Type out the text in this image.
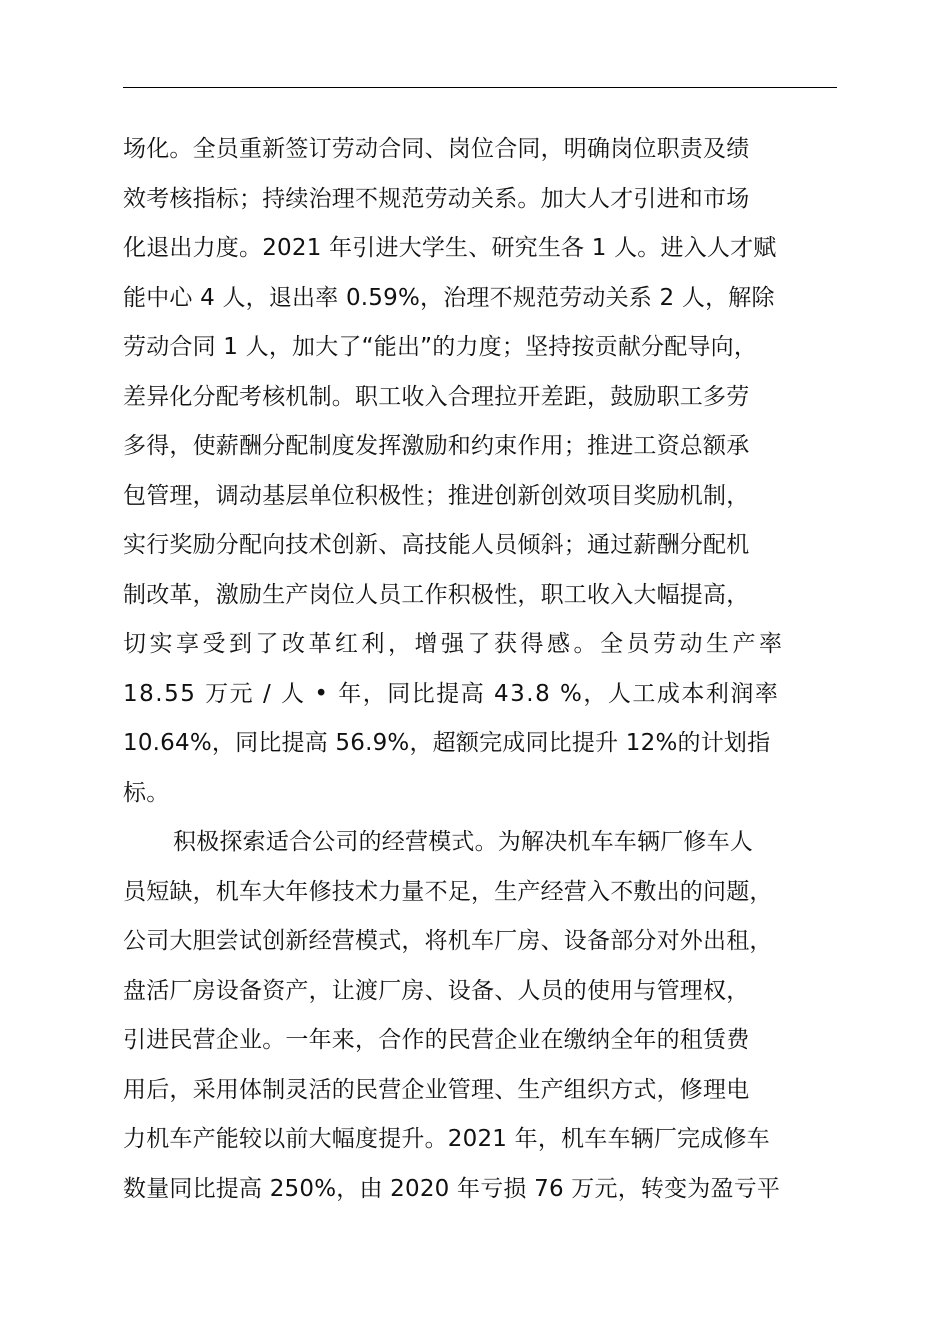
场化。全员重新签订劳动合同、岗位合同，明确岗位职责及绩
效考核指标；持续治理不规范劳动关系。加大人才引进和市场
化退出力度。2021 年引进大学生、研究生各 1 人。进入人才赋
能中心 4 人，退出率 0.59%，治理不规范劳动关系 2 人，解除
劳动合同 1 人，加大了“能出”的力度；坚持按贡献分配导向，
差异化分配考核机制。职工收入合理拉开差距，鼓励职工多劳
多得，使薪酬分配制度发挥激励和约束作用；推进工资总额承
包管理，调动基层单位积极性；推进创新创效项目奖励机制，
实行奖励分配向技术创新、高技能人员倾斜；通过薪酬分配机
制改革，激励生产岗位人员工作积极性，职工收入大幅提高，
切实享受到了改革红利，增强了获得感。全员劳动生产率
18.55 万元 / 人 • 年，同比提高 43.8 %，人工成本利润率
10.64%，同比提高 56.9%，超额完成同比提升 12%的计划指
标。
积极探索适合公司的经营模式。为解决机车车辆厂修车人
员短缺，机车大年修技术力量不足，生产经营入不敷出的问题，
公司大胆尝试创新经营模式，将机车厂房、设备部分对外出租，
盘活厂房设备资产，让渡厂房、设备、人员的使用与管理权，
引进民营企业。一年来，合作的民营企业在缴纳全年的租赁费
用后，采用体制灵活的民营企业管理、生产组织方式，修理电
力机车产能较以前大幅度提升。2021 年，机车车辆厂完成修车
数量同比提高 250%，由 2020 年亏损 76 万元，转变为盈亏平
